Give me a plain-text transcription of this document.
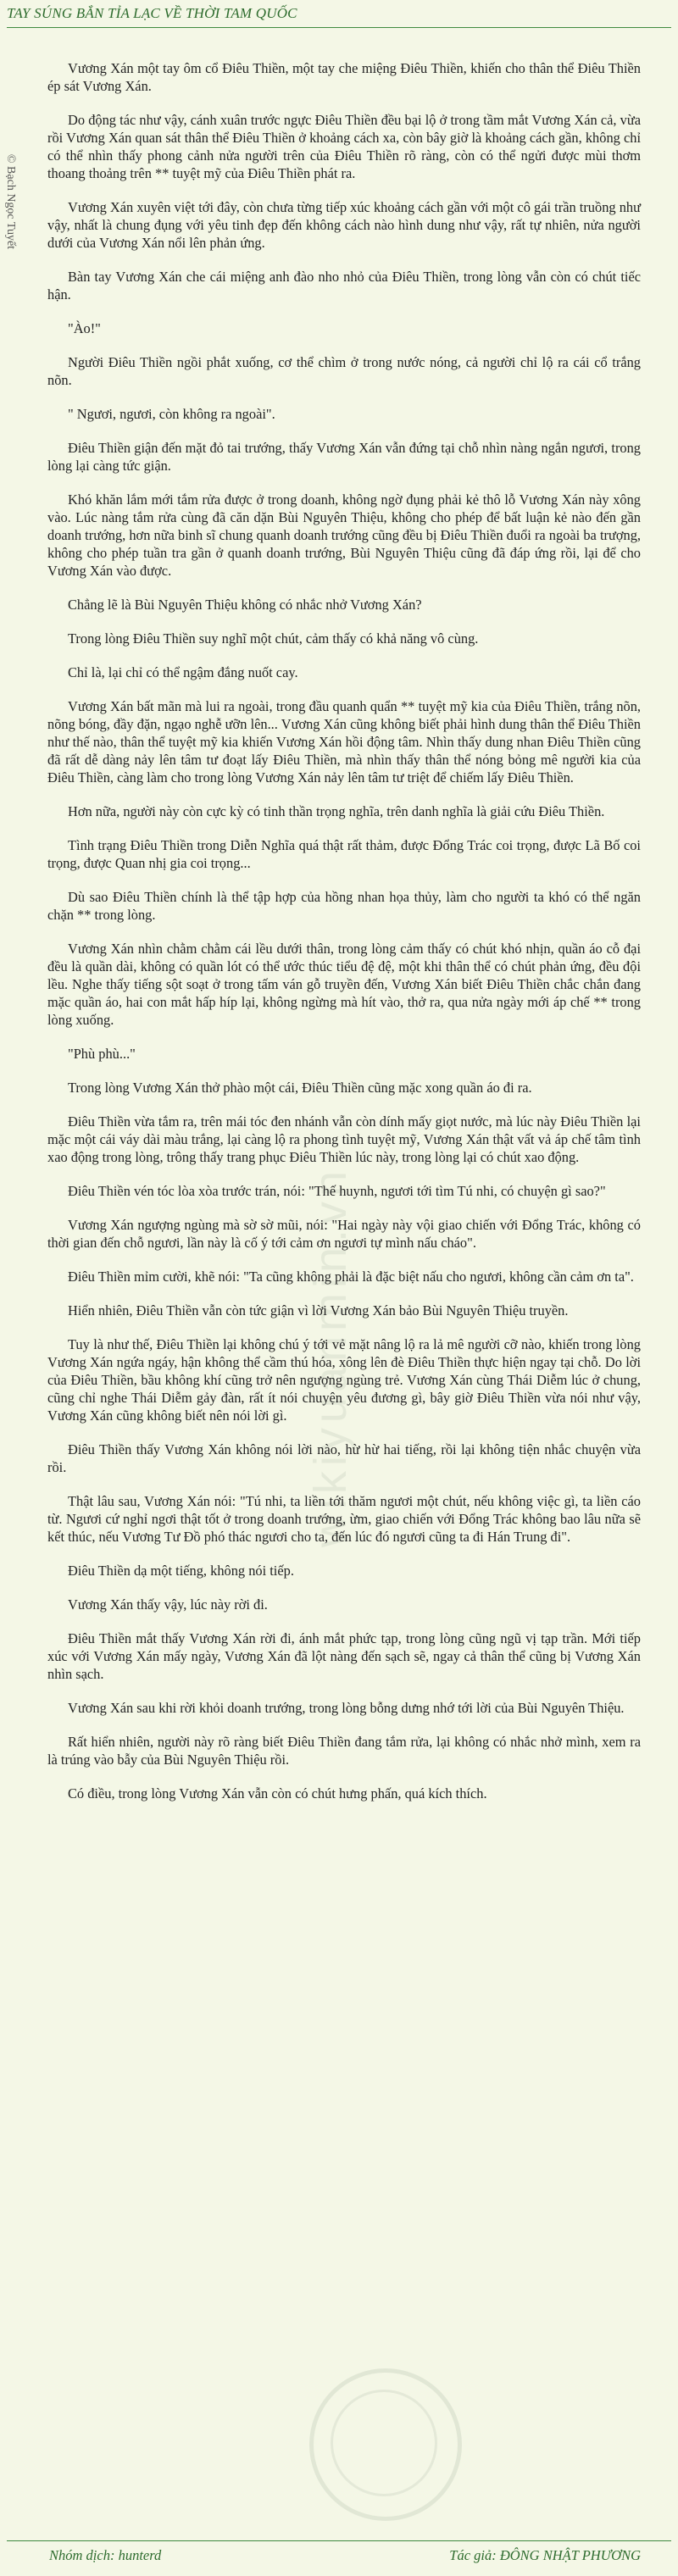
TAY SÚNG BẮN TỈA LẠC VỀ THỜI TAM QUỐC
© Bạch Ngọc Tuyết
wikiyuanmin.vn

Vương Xán một tay ôm cổ Điêu Thiền, một tay che miệng Điêu Thiền, khiến cho thân thể Điêu Thiền ép sát Vương Xán.

Do động tác như vậy, cánh xuân trước ngực Điêu Thiền đều bại lộ ở trong tầm mắt Vương Xán cả, vừa rồi Vương Xán quan sát thân thể Điêu Thiền ở khoảng cách xa, còn bây giờ là khoảng cách gần, không chỉ có thể nhìn thấy phong cảnh nửa người trên của Điêu Thiền rõ ràng, còn có thể ngửi được mùi thơm thoang thoảng trên ** tuyệt mỹ của Điêu Thiền phát ra.

Vương Xán xuyên việt tới đây, còn chưa từng tiếp xúc khoảng cách gần với một cô gái trần truồng như vậy, nhất là chung đụng với yêu tinh đẹp đến không cách nào hình dung như vậy, rất tự nhiên, nửa người dưới của Vương Xán nổi lên phản ứng.

Bàn tay Vương Xán che cái miệng anh đào nho nhỏ của Điêu Thiền, trong lòng vẫn còn có chút tiếc hận.

"Ào!"

Người Điêu Thiền ngồi phắt xuống, cơ thể chìm ở trong nước nóng, cả người chỉ lộ ra cái cổ trắng nõn.

" Ngươi, ngươi, còn không ra ngoài".

Điêu Thiền giận đến mặt đỏ tai trướng, thấy Vương Xán vẫn đứng tại chỗ nhìn nàng ngắn ngươi, trong lòng lại càng tức giận.

Khó khăn lắm mới tắm rửa được ở trong doanh, không ngờ đụng phải kẻ thô lỗ Vương Xán này xông vào. Lúc nàng tắm rửa cùng đã căn dặn Bùi Nguyên Thiệu, không cho phép để bất luận kẻ nào đến gần doanh trướng, hơn nữa binh sĩ chung quanh doanh trướng cũng đều bị Điêu Thiền đuổi ra ngoài ba trượng, không cho phép tuần tra gần ở quanh doanh trướng, Bùi Nguyên Thiệu cũng đã đáp ứng rồi, lại để cho Vương Xán vào được.

Chẳng lẽ là Bùi Nguyên Thiệu không có nhắc nhở Vương Xán?

Trong lòng Điêu Thiền suy nghĩ một chút, cảm thấy có khả năng vô cùng.

Chỉ là, lại chỉ có thể ngậm đắng nuốt cay.

Vương Xán bất mãn mà lui ra ngoài, trong đầu quanh quẩn ** tuyệt mỹ kia của Điêu Thiền, trắng nõn, nõng bóng, đầy đặn, ngạo nghễ ưỡn lên... Vương Xán cũng không biết phải hình dung thân thể Điêu Thiền như thế nào, thân thể tuyệt mỹ kia khiến Vương Xán hồi động tâm. Nhìn thấy dung nhan Điêu Thiền cũng đã rất dễ dàng nảy lên tâm tư đoạt lấy Điêu Thiền, mà nhìn thấy thân thể nóng bỏng mê người kia của Điêu Thiền, càng làm cho trong lòng Vương Xán nảy lên tâm tư triệt để chiếm lấy Điêu Thiền.

Hơn nữa, người này còn cực kỳ có tinh thần trọng nghĩa, trên danh nghĩa là giải cứu Điêu Thiền.

Tình trạng Điêu Thiền trong Diễn Nghĩa quá thật rất thảm, được Đổng Trác coi trọng, được Lã Bố coi trọng, được Quan nhị gia coi trọng...

Dù sao Điêu Thiền chính là thể tập hợp của hồng nhan họa thủy, làm cho người ta khó có thể ngăn chặn ** trong lòng.

Vương Xán nhìn chằm chằm cái lều dưới thân, trong lòng cảm thấy có chút khó nhịn, quần áo cỗ đại đều là quần dài, không có quần lót có thể ước thúc tiểu đệ đệ, một khi thân thể có chút phản ứng, đều đội lều. Nghe thấy tiếng sột soạt ở trong tấm ván gỗ truyền đến, Vương Xán biết Điêu Thiền chắc chắn đang mặc quần áo, hai con mắt hấp híp lại, không ngừng mà hít vào, thở ra, qua nửa ngày mới áp chế ** trong lòng xuống.

"Phù phù..."

Trong lòng Vương Xán thở phào một cái, Điêu Thiền cũng mặc xong quần áo đi ra.

Điêu Thiền vừa tắm ra, trên mái tóc đen nhánh vẫn còn dính mấy giọt nước, mà lúc này Điêu Thiền lại mặc một cái váy dài màu trắng, lại càng lộ ra phong tình tuyệt mỹ, Vương Xán thật vất vả áp chế tâm tình xao động trong lòng, trông thấy trang phục Điêu Thiền lúc này, trong lòng lại có chút xao động.

Điêu Thiền vén tóc lòa xòa trước trán, nói: "Thế huynh, ngươi tới tìm Tú nhi, có chuyện gì sao?"

Vương Xán ngượng ngùng mà sờ sờ mũi, nói: "Hai ngày này vội giao chiến với Đổng Trác, không có thời gian đến chỗ ngươi, lần này là cố ý tới cảm ơn ngươi tự mình nấu cháo".

Điêu Thiền mỉm cười, khẽ nói: "Ta cũng không phải là đặc biệt nấu cho ngươi, không cần cảm ơn ta".

Hiển nhiên, Điêu Thiền vẫn còn tức giận vì lời Vương Xán bảo Bùi Nguyên Thiệu truyền.

Tuy là như thế, Điêu Thiền lại không chú ý tới vẻ mặt nâng lộ ra lả mê người cỡ nào, khiến trong lòng Vương Xán ngứa ngáy, hận không thể cầm thú hóa, xông lên đè Điêu Thiền thực hiện ngay tại chỗ. Do lời của Điêu Thiền, bầu không khí cũng trở nên ngượng ngùng trẻ. Vương Xán cùng Thái Diễm lúc ở chung, cũng chỉ nghe Thái Diễm gảy đàn, rất ít nói chuyện yêu đương gì, bây giờ Điêu Thiền vừa nói như vậy, Vương Xán cũng không biết nên nói lời gì.

Điêu Thiền thấy Vương Xán không nói lời nào, hừ hừ hai tiếng, rồi lại không tiện nhắc chuyện vừa rồi.

Thật lâu sau, Vương Xán nói: "Tú nhi, ta liền tới thăm ngươi một chút, nếu không việc gì, ta liền cáo từ. Ngươi cứ nghỉ ngơi thật tốt ở trong doanh trướng, ừm, giao chiến với Đổng Trác không bao lâu nữa sẽ kết thúc, nếu Vương Tư Đồ phó thác ngươi cho ta, đến lúc đó ngươi cũng ta đi Hán Trung đi".

Điêu Thiền dạ một tiếng, không nói tiếp.

Vương Xán thấy vậy, lúc này rời đi.

Điêu Thiền mắt thấy Vương Xán rời đi, ánh mắt phức tạp, trong lòng cũng ngũ vị tạp trần. Mới tiếp xúc với Vương Xán mấy ngày, Vương Xán đã lột nàng đến sạch sẽ, ngay cả thân thể cũng bị Vương Xán nhìn sạch.

Vương Xán sau khi rời khỏi doanh trướng, trong lòng bỗng dưng nhớ tới lời của Bùi Nguyên Thiệu.

Rất hiển nhiên, người này rõ ràng biết Điêu Thiền đang tắm rửa, lại không có nhắc nhở mình, xem ra là trúng vào bẫy của Bùi Nguyên Thiệu rồi.

Có điều, trong lòng Vương Xán vẫn còn có chút hưng phấn, quá kích thích.

Nhóm dịch: hunterd	Tác giả: ĐÔNG NHẬT PHƯƠNG
